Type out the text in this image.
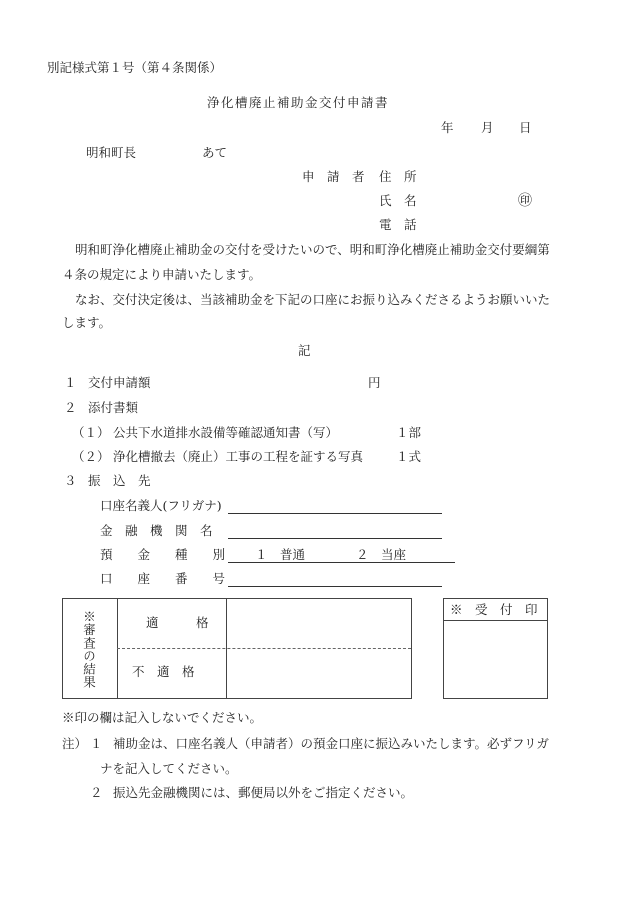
別記様式第１号（第４条関係）
浄化槽廃止補助金交付申請書
年 月 日
明和町長	あて
申　請　者 住　所
氏　名	㊞
電　話
明和町浄化槽廃止補助金の交付を受けたいので、明和町浄化槽廃止補助金交付要綱第
４条の規定により申請いたします。
なお、交付決定後は、当該補助金を下記の口座にお振り込みくださるようお願いいた
します。
記
１ 交付申請額	円
２ 添付書類
（１） 公共下水道排水設備等確認通知書（写）	１部
（２） 浄化槽撤去（廃止）工事の工程を証する写真	１式
３ 振　込　先
口座名義人(フリガナ)
金　融　機　関　名
預　　金　　種　　別 １　普通	２　当座
口　　座　　番　　号
※審査の結果	適　　　格
不　適　格
※　受　付　印
※印の欄は記入しないでください。
注） １ 補助金は、口座名義人（申請者）の預金口座に振込みいたします。必ずフリガ
ナを記入してください。
２ 振込先金融機関には、郵便局以外をご指定ください。
